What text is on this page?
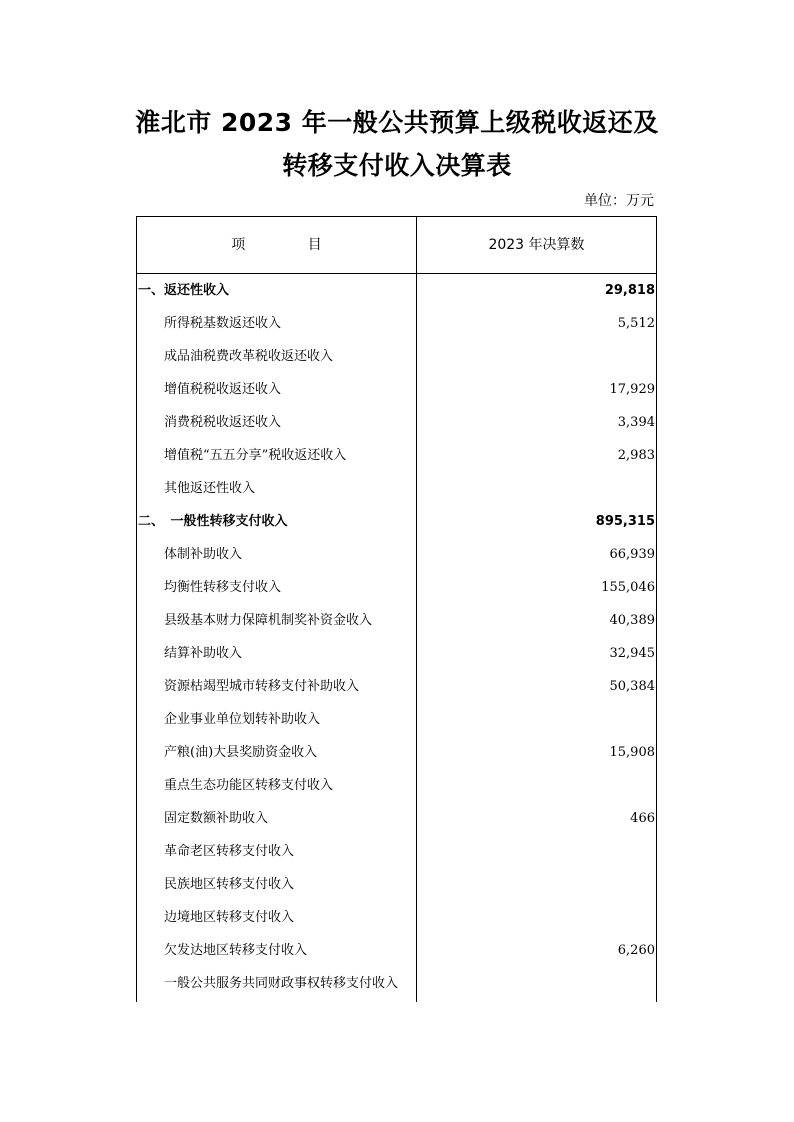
淮北市 2023 年一般公共预算上级税收返还及
转移支付收入决算表
单位：万元
项 目	2023 年决算数
一、返还性收入	29,818
所得税基数返还收入	5,512
成品油税费改革税收返还收入
增值税税收返还收入	17,929
消费税税收返还收入	3,394
增值税“五五分享”税收返还收入	2,983
其他返还性收入
二、　一般性转移支付收入	895,315
体制补助收入	66,939
均衡性转移支付收入	155,046
县级基本财力保障机制奖补资金收入	40,389
结算补助收入	32,945
资源枯竭型城市转移支付补助收入	50,384
企业事业单位划转补助收入
产粮(油)大县奖励资金收入	15,908
重点生态功能区转移支付收入
固定数额补助收入	466
革命老区转移支付收入
民族地区转移支付收入
边境地区转移支付收入
欠发达地区转移支付收入	6,260
一般公共服务共同财政事权转移支付收入
